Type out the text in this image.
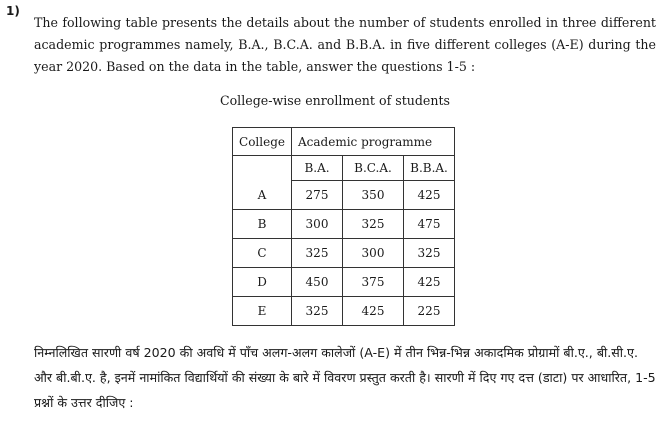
1)

The following table presents the details about the number of students enrolled in three different academic programmes namely, B.A., B.C.A. and B.B.A. in five different colleges (A-E) during the year 2020. Based on the data in the table, answer the questions 1-5 :

College-wise enrollment of students

College	Academic programme		
	B.A.	B.C.A.	B.B.A.
A	275	350	425
B	300	325	475
C	325	300	325
D	450	375	425
E	325	425	225

निम्नलिखित सारणी वर्ष 2020 की अवधि में पाँच अलग-अलग कालेजों (A-E) में तीन भिन्न-भिन्न अकादमिक प्रोग्रामों बी.ए., बी.सी.ए. और बी.बी.ए. है, इनमें नामांकित विद्यार्थियों की संख्या के बारे में विवरण प्रस्तुत करती है। सारणी में दिए गए दत्त (डाटा) पर आधारित, 1-5 प्रश्नों के उत्तर दीजिए :
